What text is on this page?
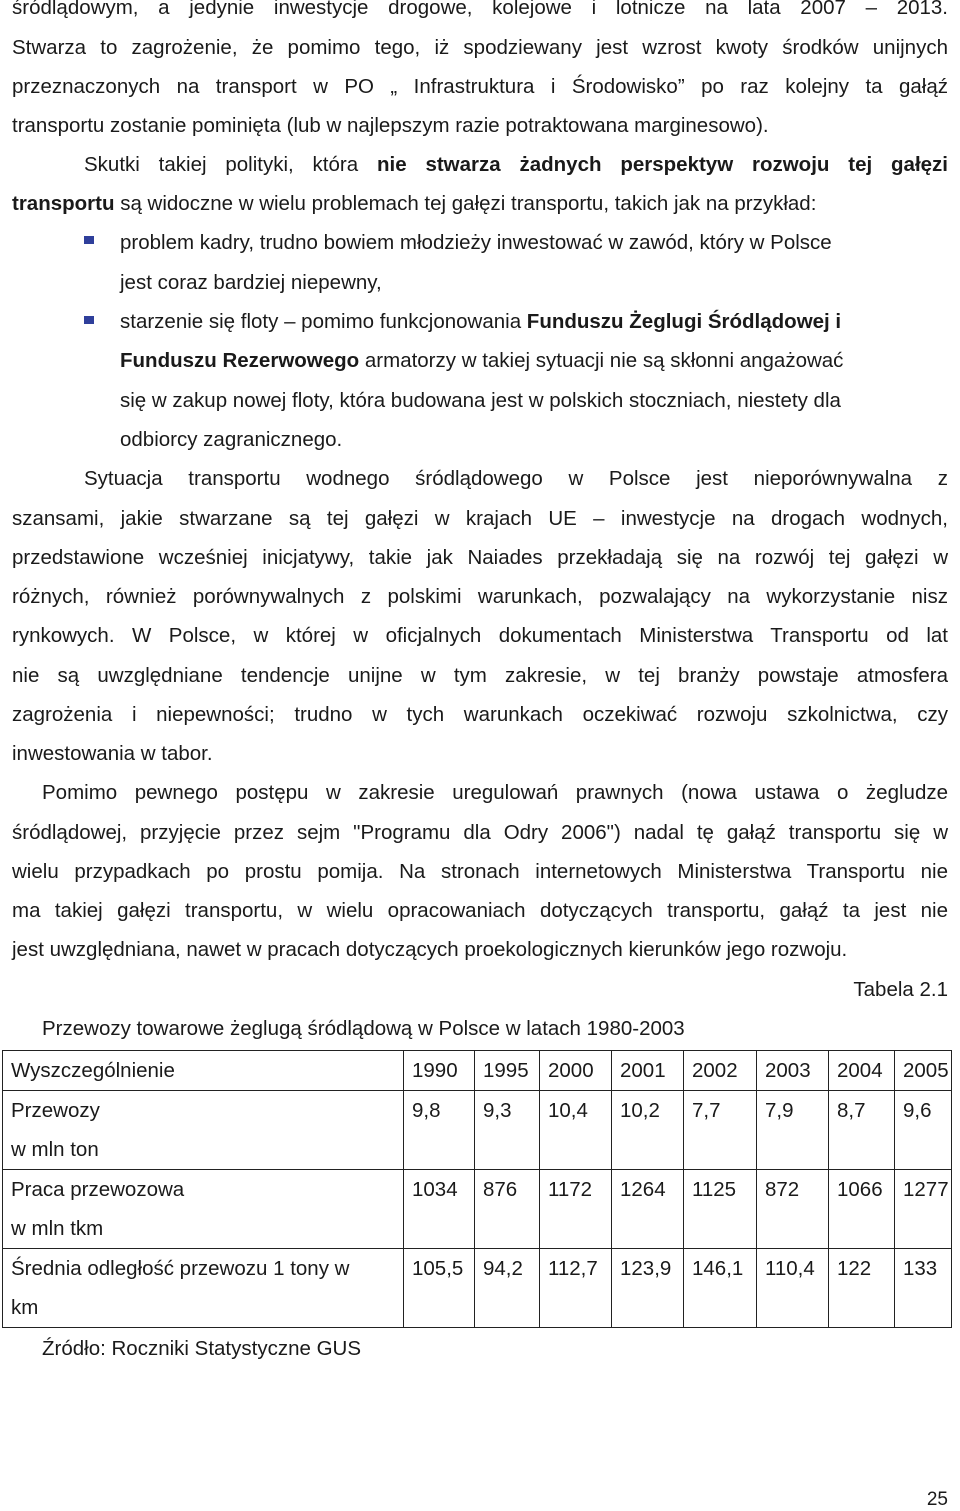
śródlądowym, a jedynie inwestycje drogowe, kolejowe i lotnicze na lata 2007 – 2013.
Stwarza to zagrożenie, że pomimo tego, iż spodziewany jest wzrost kwoty środków unijnych
przeznaczonych na transport w PO „ Infrastruktura i Środowisko” po raz kolejny ta gałąź
transportu zostanie pominięta (lub w najlepszym razie potraktowana marginesowo).
Skutki takiej polityki, która nie stwarza żadnych perspektyw rozwoju tej gałęzi
transportu są widoczne w wielu problemach tej gałęzi transportu, takich jak na przykład:
problem kadry, trudno bowiem młodzieży inwestować w zawód, który w Polsce
jest coraz bardziej niepewny,
starzenie się floty – pomimo funkcjonowania Funduszu Żeglugi Śródlądowej i
Funduszu Rezerwowego armatorzy w takiej sytuacji nie są skłonni angażować
się w zakup nowej floty, która budowana jest w polskich stoczniach, niestety dla
odbiorcy zagranicznego.
Sytuacja transportu wodnego śródlądowego w Polsce jest nieporównywalna z
szansami, jakie stwarzane są tej gałęzi w krajach UE – inwestycje na drogach wodnych,
przedstawione wcześniej inicjatywy, takie jak Naiades przekładają się na rozwój tej gałęzi w
różnych, również porównywalnych z polskimi warunkach, pozwalający na wykorzystanie nisz
rynkowych. W Polsce, w której w oficjalnych dokumentach Ministerstwa Transportu od lat
nie są uwzględniane tendencje unijne w tym zakresie, w tej branży powstaje atmosfera
zagrożenia i niepewności; trudno w tych warunkach oczekiwać rozwoju szkolnictwa, czy
inwestowania w tabor.
Pomimo pewnego postępu w zakresie uregulowań prawnych (nowa ustawa o żegludze
śródlądowej, przyjęcie przez sejm "Programu dla Odry 2006") nadal tę gałąź transportu się w
wielu przypadkach po prostu pomija. Na stronach internetowych Ministerstwa Transportu nie
ma takiej gałęzi transportu, w wielu opracowaniach dotyczących transportu, gałąź ta jest nie
jest uwzględniana, nawet w pracach dotyczących proekologicznych kierunków jego rozwoju.
Tabela 2.1
Przewozy towarowe żeglugą śródlądową w Polsce w latach 1980-2003
Wyszczególnienie	1990	1995	2000	2001	2002	2003	2004	2005

Przewozy
w mln ton	9,8	9,3	10,4	10,2	7,7	7,9	8,7	9,6

Praca przewozowa
w mln tkm	1034	876	1172	1264	1125	872	1066	1277

Średnia odległość przewozu 1 tony w
km	105,5	94,2	112,7	123,9	146,1	110,4	122	133
Źródło: Roczniki Statystyczne GUS
25
